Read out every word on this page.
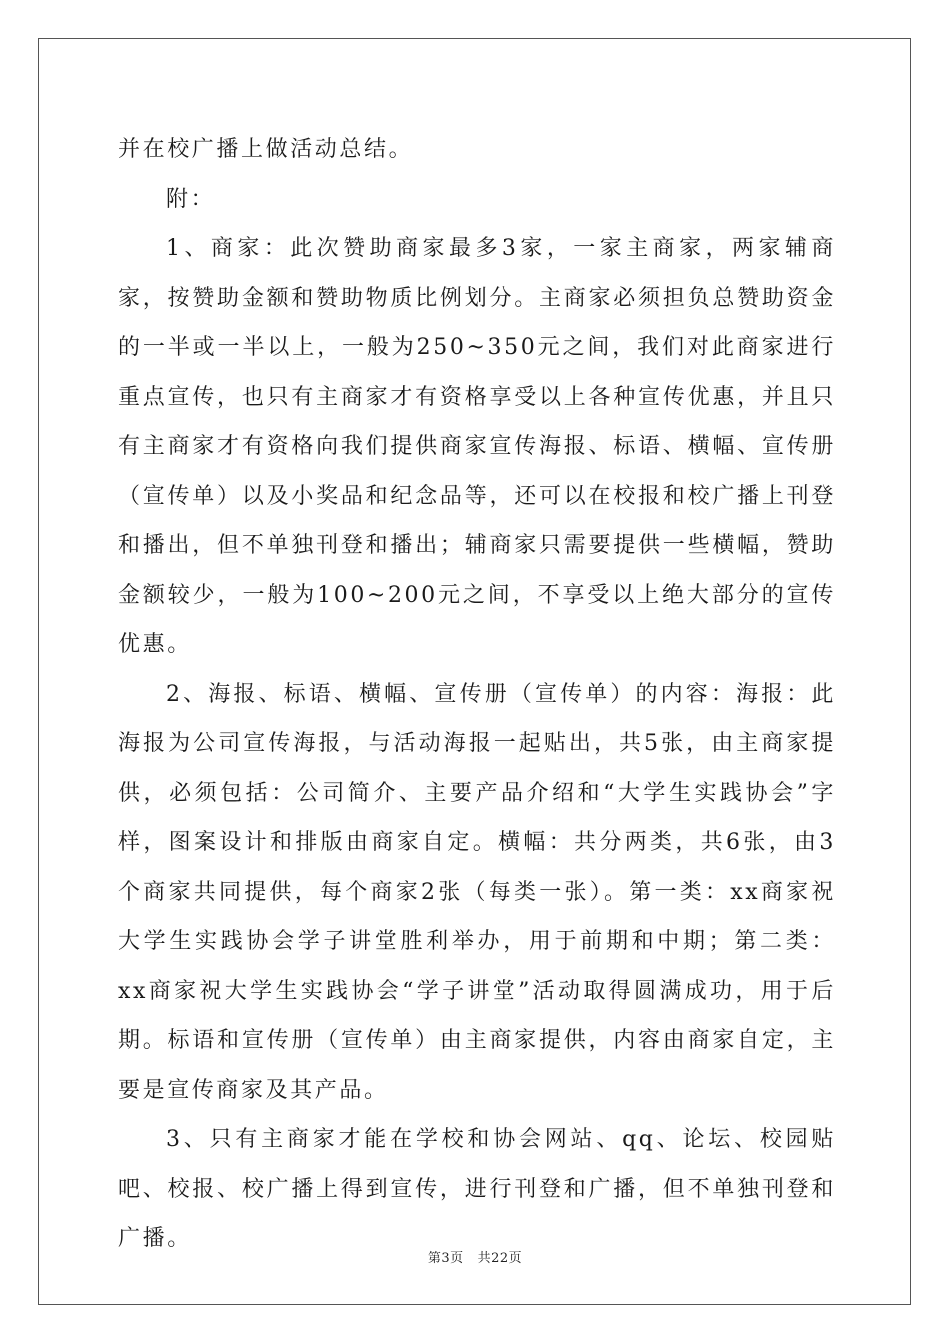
并在校广播上做活动总结。

附：

1、商家：此次赞助商家最多3家，一家主商家，两家辅商家，按赞助金额和赞助物质比例划分。主商家必须担负总赞助资金的一半或一半以上，一般为250~350元之间，我们对此商家进行重点宣传，也只有主商家才有资格享受以上各种宣传优惠，并且只有主商家才有资格向我们提供商家宣传海报、标语、横幅、宣传册（宣传单）以及小奖品和纪念品等，还可以在校报和校广播上刊登和播出，但不单独刊登和播出；辅商家只需要提供一些横幅，赞助金额较少，一般为100~200元之间，不享受以上绝大部分的宣传优惠。

2、海报、标语、横幅、宣传册（宣传单）的内容：海报：此海报为公司宣传海报，与活动海报一起贴出，共5张，由主商家提供，必须包括：公司简介、主要产品介绍和“大学生实践协会”字样，图案设计和排版由商家自定。横幅：共分两类，共6张，由3个商家共同提供，每个商家2张（每类一张）。第一类：xx商家祝大学生实践协会学子讲堂胜利举办，用于前期和中期；第二类：xx商家祝大学生实践协会“学子讲堂”活动取得圆满成功，用于后期。标语和宣传册（宣传单）由主商家提供，内容由商家自定，主要是宣传商家及其产品。

3、只有主商家才能在学校和协会网站、qq、论坛、校园贴吧、校报、校广播上得到宣传，进行刊登和广播，但不单独刊登和广播。

第3页 共22页
